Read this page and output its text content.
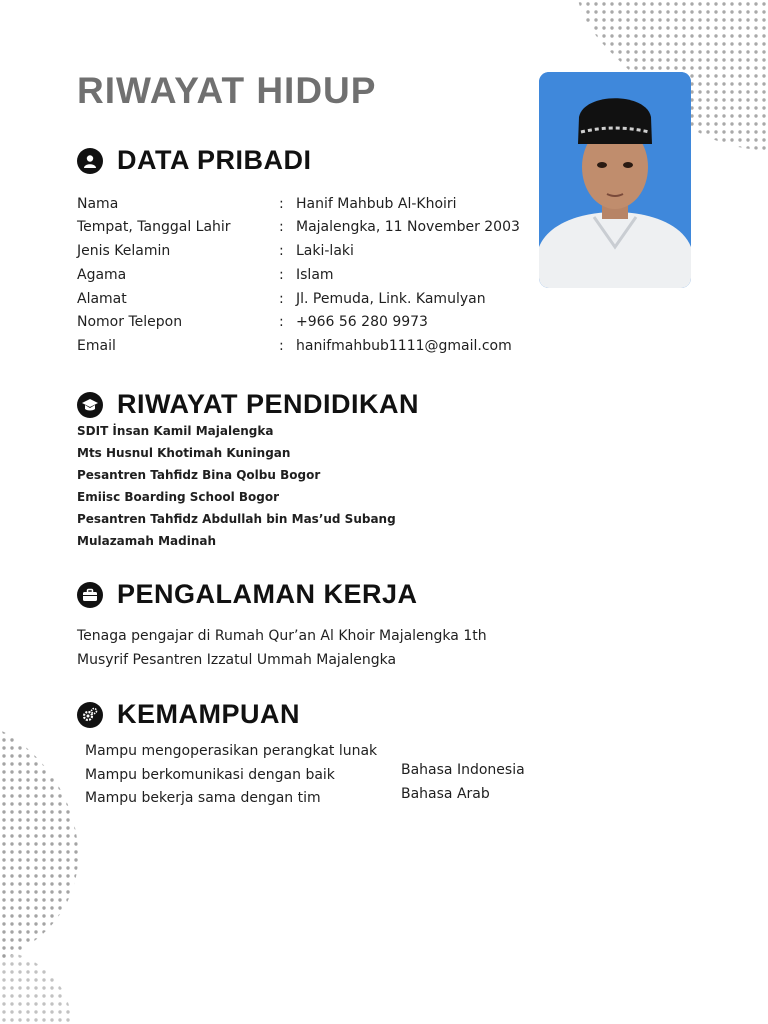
RIWAYAT HIDUP
DATA PRIBADI
Nama	: Hanif Mahbub Al-Khoiri
Tempat, Tanggal Lahir	: Majalengka, 11 November 2003
Jenis Kelamin	: Laki-laki
Agama	: Islam
Alamat	: Jl. Pemuda, Link. Kamulyan
Nomor Telepon	: +966 56 280 9973
Email	: hanifmahbub1111@gmail.com
RIWAYAT PENDIDIKAN
SDIT İnsan Kamil Majalengka
Mts Husnul Khotimah Kuningan
Pesantren Tahfidz Bina Qolbu Bogor
Emiisc Boarding School Bogor
Pesantren Tahfidz Abdullah bin Mas’ud Subang
Mulazamah Madinah
PENGALAMAN KERJA
Tenaga pengajar di Rumah Qur’an Al Khoir Majalengka 1th
Musyrif Pesantren Izzatul Ummah Majalengka
KEMAMPUAN
Mampu mengoperasikan perangkat lunak
Mampu berkomunikasi dengan baik
Mampu bekerja sama dengan tim
Bahasa Indonesia
Bahasa Arab
